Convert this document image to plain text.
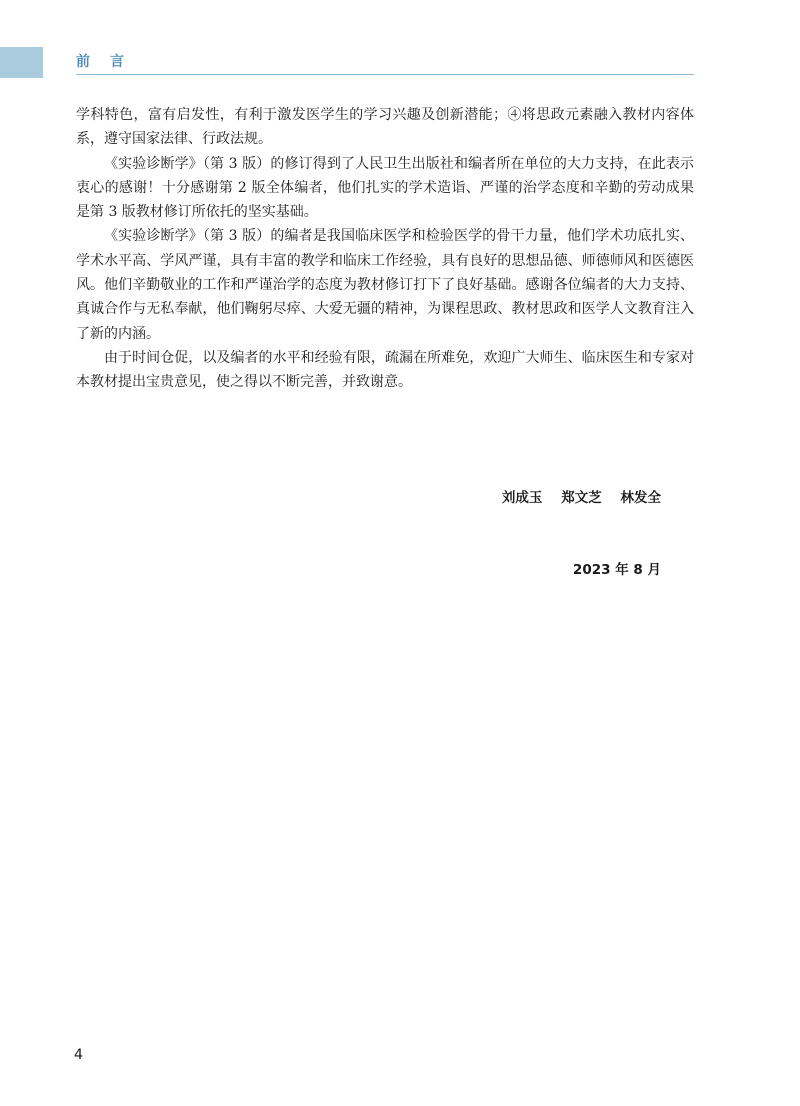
前言

学科特色，富有启发性，有利于激发医学生的学习兴趣及创新潜能；④将思政元素融入教材内容体系，遵守国家法律、行政法规。

《实验诊断学》（第 3 版）的修订得到了人民卫生出版社和编者所在单位的大力支持，在此表示衷心的感谢！十分感谢第 2 版全体编者，他们扎实的学术造诣、严谨的治学态度和辛勤的劳动成果是第 3 版教材修订所依托的坚实基础。

《实验诊断学》（第 3 版）的编者是我国临床医学和检验医学的骨干力量，他们学术功底扎实、学术水平高、学风严谨，具有丰富的教学和临床工作经验，具有良好的思想品德、师德师风和医德医风。他们辛勤敬业的工作和严谨治学的态度为教材修订打下了良好基础。感谢各位编者的大力支持、真诚合作与无私奉献，他们鞠躬尽瘁、大爱无疆的精神，为课程思政、教材思政和医学人文教育注入了新的内涵。

由于时间仓促，以及编者的水平和经验有限，疏漏在所难免，欢迎广大师生、临床医生和专家对本教材提出宝贵意见，使之得以不断完善，并致谢意。

刘成玉    郑文芝    林发全

2023 年 8 月

4
